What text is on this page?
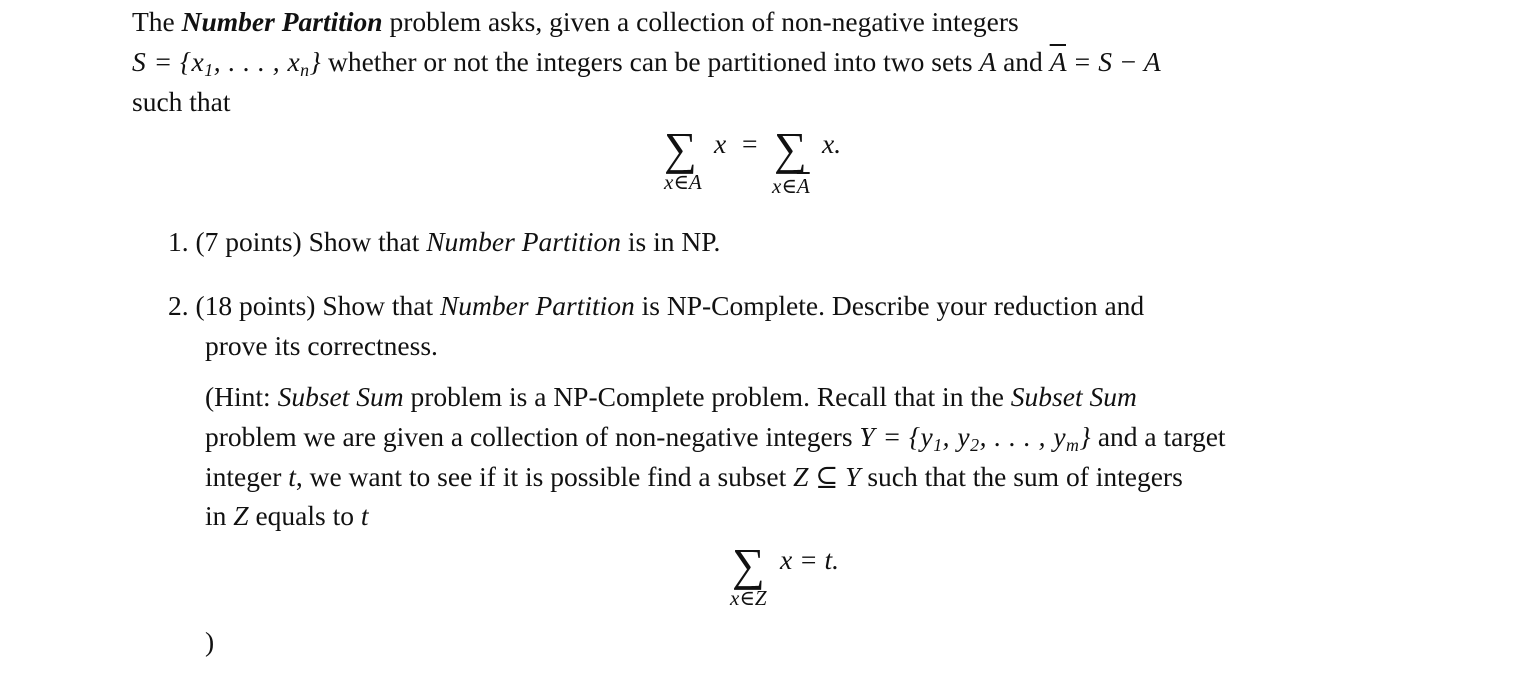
The Number Partition problem asks, given a collection of non-negative integers
$S = \{x_1$, . . . , $x_n$} whether or not the integers can be partitioned into two sets A and $\overline{A} = S - A$
such that
∑ x = ∑ x.
x∈A	$x\in\overline{A}$
1. (7 points) Show that Number Partition is in NP.
2. (18 points) Show that Number Partition is NP-Complete. Describe your reduction and
prove its correctness.
(Hint: Subset Sum problem is a NP-Complete problem. Recall that in the Subset Sum
problem we are given a collection of non-negative integers $Y = \{y_1$, $y_2$, . . . , $y_m$} and a target
integer t, we want to see if it is possible find a subset Z ⊆ Y such that the sum of integers
in Z equals to t
∑ x = t.
x∈Z
)
